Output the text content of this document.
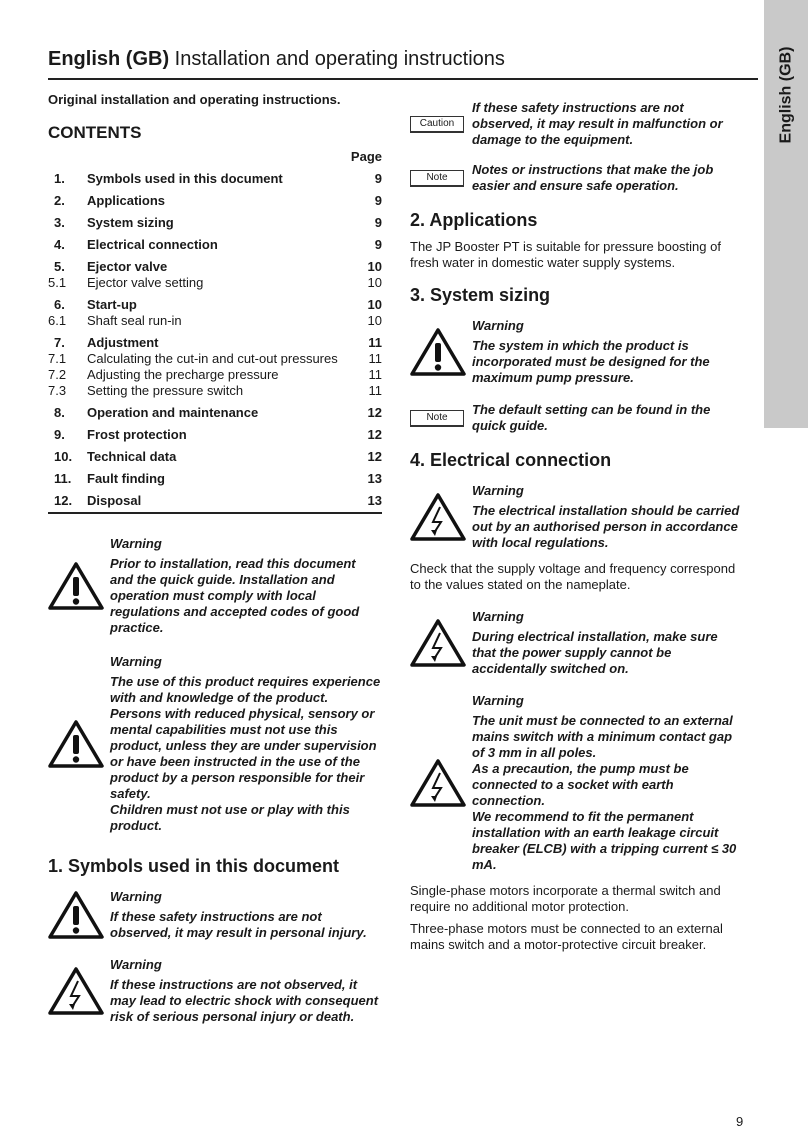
English (GB) Installation and operating instructions	English (GB)
Original installation and operating instructions.
CONTENTS
Page
1.	Symbols used in this document	9
2.	Applications	9
3.	System sizing	9
4.	Electrical connection	9
5.	Ejector valve	10
5.1	Ejector valve setting	10
6.	Start-up	10
6.1	Shaft seal run-in	10
7.	Adjustment	11
7.1	Calculating the cut-in and cut-out pressures	11
7.2	Adjusting the precharge pressure	11
7.3	Setting the pressure switch	11
8.	Operation and maintenance	12
9.	Frost protection	12
10.	Technical data	12
11.	Fault finding	13
12.	Disposal	13
Warning

Prior to installation, read this document and the quick guide. Installation and operation must comply with local regulations and accepted codes of good practice.

Warning

The use of this product requires experience with and knowledge of the product.

Persons with reduced physical, sensory or mental capabilities must not use this product, unless they are under supervision or have been instructed in the use of the product by a person responsible for their safety.

Children must not use or play with this product.

1. Symbols used in this document
Warning

If these safety instructions are not observed, it may result in personal injury.

Warning

If these instructions are not observed, it may lead to electric shock with consequent risk of serious personal injury or death.

Caution

If these safety instructions are not observed, it may result in malfunction or damage to the equipment.

Note	Notes or instructions that make the job easier and ensure safe operation.

2. Applications

The JP Booster PT is suitable for pressure boosting of fresh water in domestic water supply systems.

3. System sizing
Warning

The system in which the product is incorporated must be designed for the maximum pump pressure.

Note	The default setting can be found in the quick guide.

4. Electrical connection
Warning

The electrical installation should be carried out by an authorised person in accordance with local regulations.

Check that the supply voltage and frequency correspond to the values stated on the nameplate.

Warning

During electrical installation, make sure that the power supply cannot be accidentally switched on.

Warning

The unit must be connected to an external mains switch with a minimum contact gap of 3 mm in all poles.

As a precaution, the pump must be connected to a socket with earth connection.

We recommend to fit the permanent installation with an earth leakage circuit breaker (ELCB) with a tripping current ≤ 30 mA.

Single-phase motors incorporate a thermal switch and require no additional motor protection.

Three-phase motors must be connected to an external mains switch and a motor-protective circuit breaker.

9
